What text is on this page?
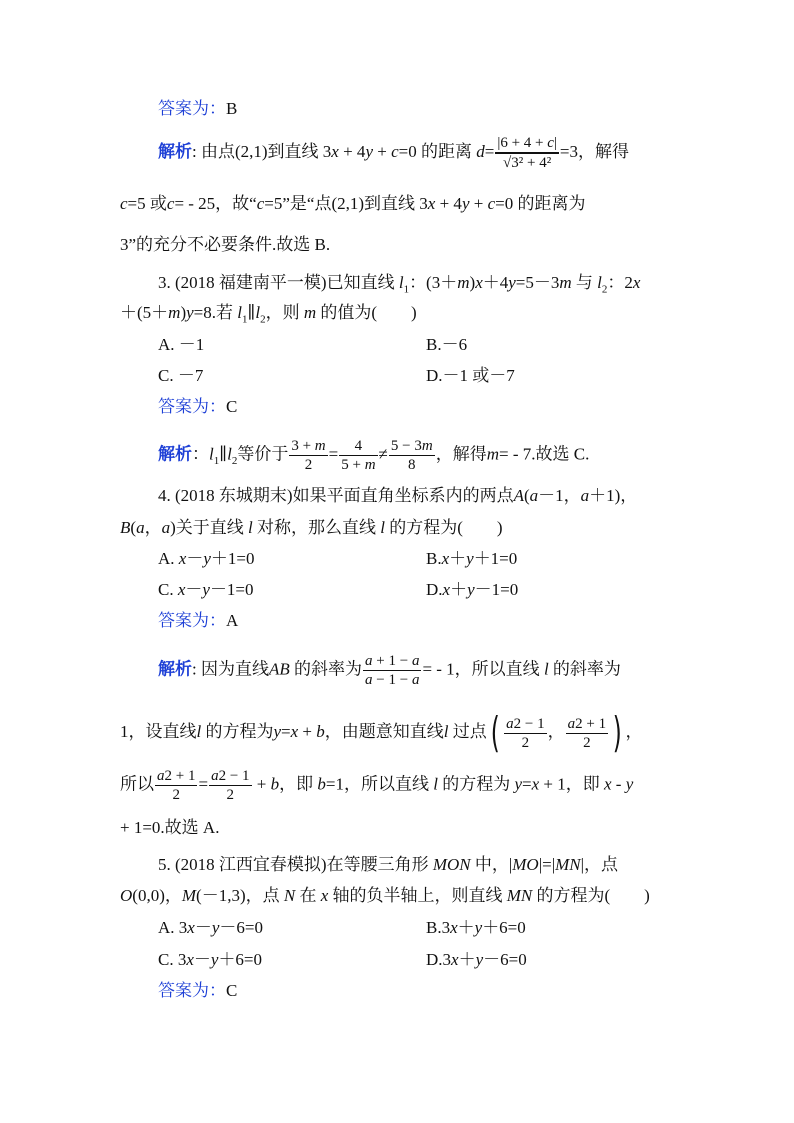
答案为：B
解析: 由点(2,1)到直线 3x + 4y + c=0 的距离 $d= \frac{|6 + 4 + c|}{\text{√3² + 4²}} =3$，解得
c=5 或c= - 25，故“c=5”是“点(2,1)到直线 3x + 4y + c=0 的距离为
3”的充分不必要条件.故选 B.
3. (2018 福建南平一模)已知直线 $l_1$：(3＋m)x＋4y=5－3m 与 $l_2$：2x
＋(5＋m)y=8.若 $l_1\parallel l_2$，则 m 的值为(　　)
A. －1	B.－6
C. －7	D.－1 或－7
答案为：C
解析：$l_1\parallel l_2$等价于 $\frac{3 + m}{2} = \frac{4}{5 + m} \ne \frac{5 - 3m}{8}$ ，解得m= - 7.故选 C.
4. (2018 东城期末)如果平面直角坐标系内的两点A(a－1，a＋1)，
B(a，a)关于直线 l 对称，那么直线 l 的方程为(　　)
A. x－y＋1=0	B.x＋y＋1=0
C. x－y－1=0	D.x＋y－1=0
答案为：A
解析: 因为直线AB 的斜率为 $\frac{a + 1 - a}{a - 1 - a}$ = - 1，所以直线 l 的斜率为
1，设直线l 的方程为y=x + b，由题意知直线l 过点( $\frac{a2 - 1}{2}$ ， $\frac{a2 + 1}{2}$ ) ，
所以 $\frac{a2 + 1}{2} = \frac{a2 - 1}{2} + b$，即 b=1，所以直线 l 的方程为 y=x + 1，即 x - y
+ 1=0.故选 A.
5. (2018 江西宜春模拟)在等腰三角形 MON 中，|MO|=|MN|，点
O(0,0)，M(－1,3)，点 N 在 x 轴的负半轴上，则直线 MN 的方程为(　　)
A. 3x－y－6=0	B.3x＋y＋6=0
C. 3x－y＋6=0	D.3x＋y－6=0
答案为：C
